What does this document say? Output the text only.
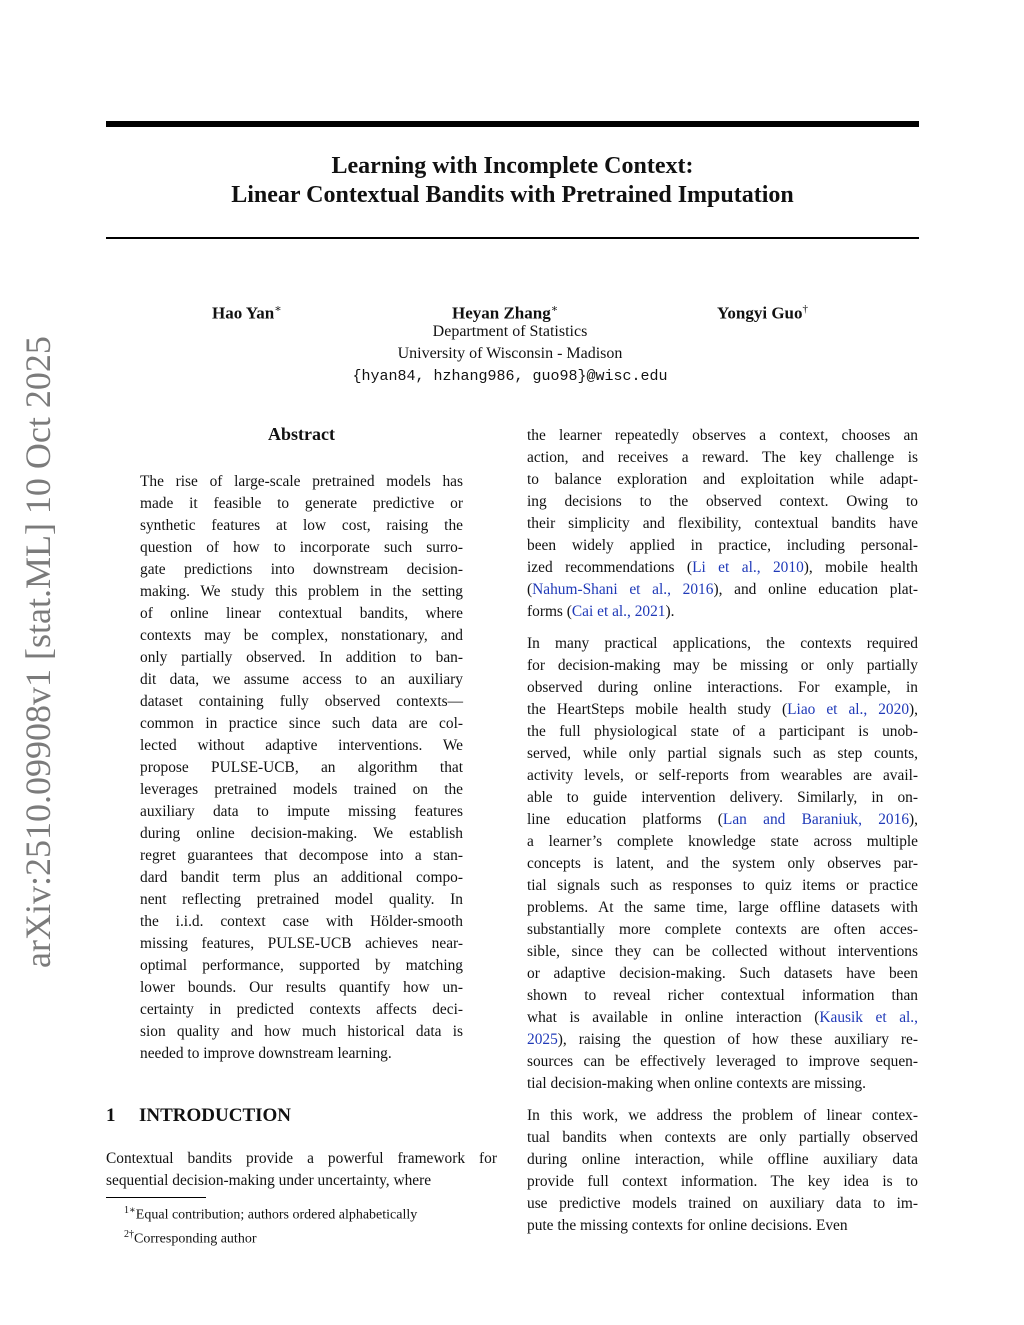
Learning with Incomplete Context:
Linear Contextual Bandits with Pretrained Imputation
Hao Yan∗	Heyan Zhang∗	Yongyi Guo†
Department of Statistics
University of Wisconsin - Madison
{hyan84, hzhang986, guo98}@wisc.edu
arXiv:2510.09908v1 [stat.ML] 10 Oct 2025	Abstract
The rise of large-scale pretrained models has
made it feasible to generate predictive or
synthetic features at low cost, raising the
question of how to incorporate such surro-
gate predictions into downstream decision-
making. We study this problem in the setting
of online linear contextual bandits, where
contexts may be complex, nonstationary, and
only partially observed. In addition to ban-
dit data, we assume access to an auxiliary
dataset containing fully observed contexts—
common in practice since such data are col-
lected without adaptive interventions. We
propose PULSE-UCB, an algorithm that
leverages pretrained models trained on the
auxiliary data to impute missing features
during online decision-making. We establish
regret guarantees that decompose into a stan-
dard bandit term plus an additional compo-
nent reflecting pretrained model quality. In
the i.i.d. context case with Hölder-smooth
missing features, PULSE-UCB achieves near-
optimal performance, supported by matching
lower bounds. Our results quantify how un-
certainty in predicted contexts affects deci-
sion quality and how much historical data is
needed to improve downstream learning.
1 INTRODUCTION
Contextual bandits provide a powerful framework for
sequential decision-making under uncertainty, where
$^{1∗}$Equal contribution; authors ordered alphabetically
$^{2\dagger}$Corresponding author
the learner repeatedly observes a context, chooses an
action, and receives a reward. The key challenge is
to balance exploration and exploitation while adapt-
ing decisions to the observed context. Owing to
their simplicity and flexibility, contextual bandits have
been widely applied in practice, including personal-
ized recommendations (Li et al., 2010), mobile health
(Nahum-Shani et al., 2016), and online education plat-
forms (Cai et al., 2021).
In many practical applications, the contexts required
for decision-making may be missing or only partially
observed during online interactions. For example, in
the HeartSteps mobile health study (Liao et al., 2020),
the full physiological state of a participant is unob-
served, while only partial signals such as step counts,
activity levels, or self-reports from wearables are avail-
able to guide intervention delivery. Similarly, in on-
line education platforms (Lan and Baraniuk, 2016),
a learner’s complete knowledge state across multiple
concepts is latent, and the system only observes par-
tial signals such as responses to quiz items or practice
problems. At the same time, large offline datasets with
substantially more complete contexts are often acces-
sible, since they can be collected without interventions
or adaptive decision-making. Such datasets have been
shown to reveal richer contextual information than
what is available in online interaction (Kausik et al.,
2025), raising the question of how these auxiliary re-
sources can be effectively leveraged to improve sequen-
tial decision-making when online contexts are missing.
In this work, we address the problem of linear contex-
tual bandits when contexts are only partially observed
during online interaction, while offline auxiliary data
provide full context information. The key idea is to
use predictive models trained on auxiliary data to im-
pute the missing contexts for online decisions. Even
